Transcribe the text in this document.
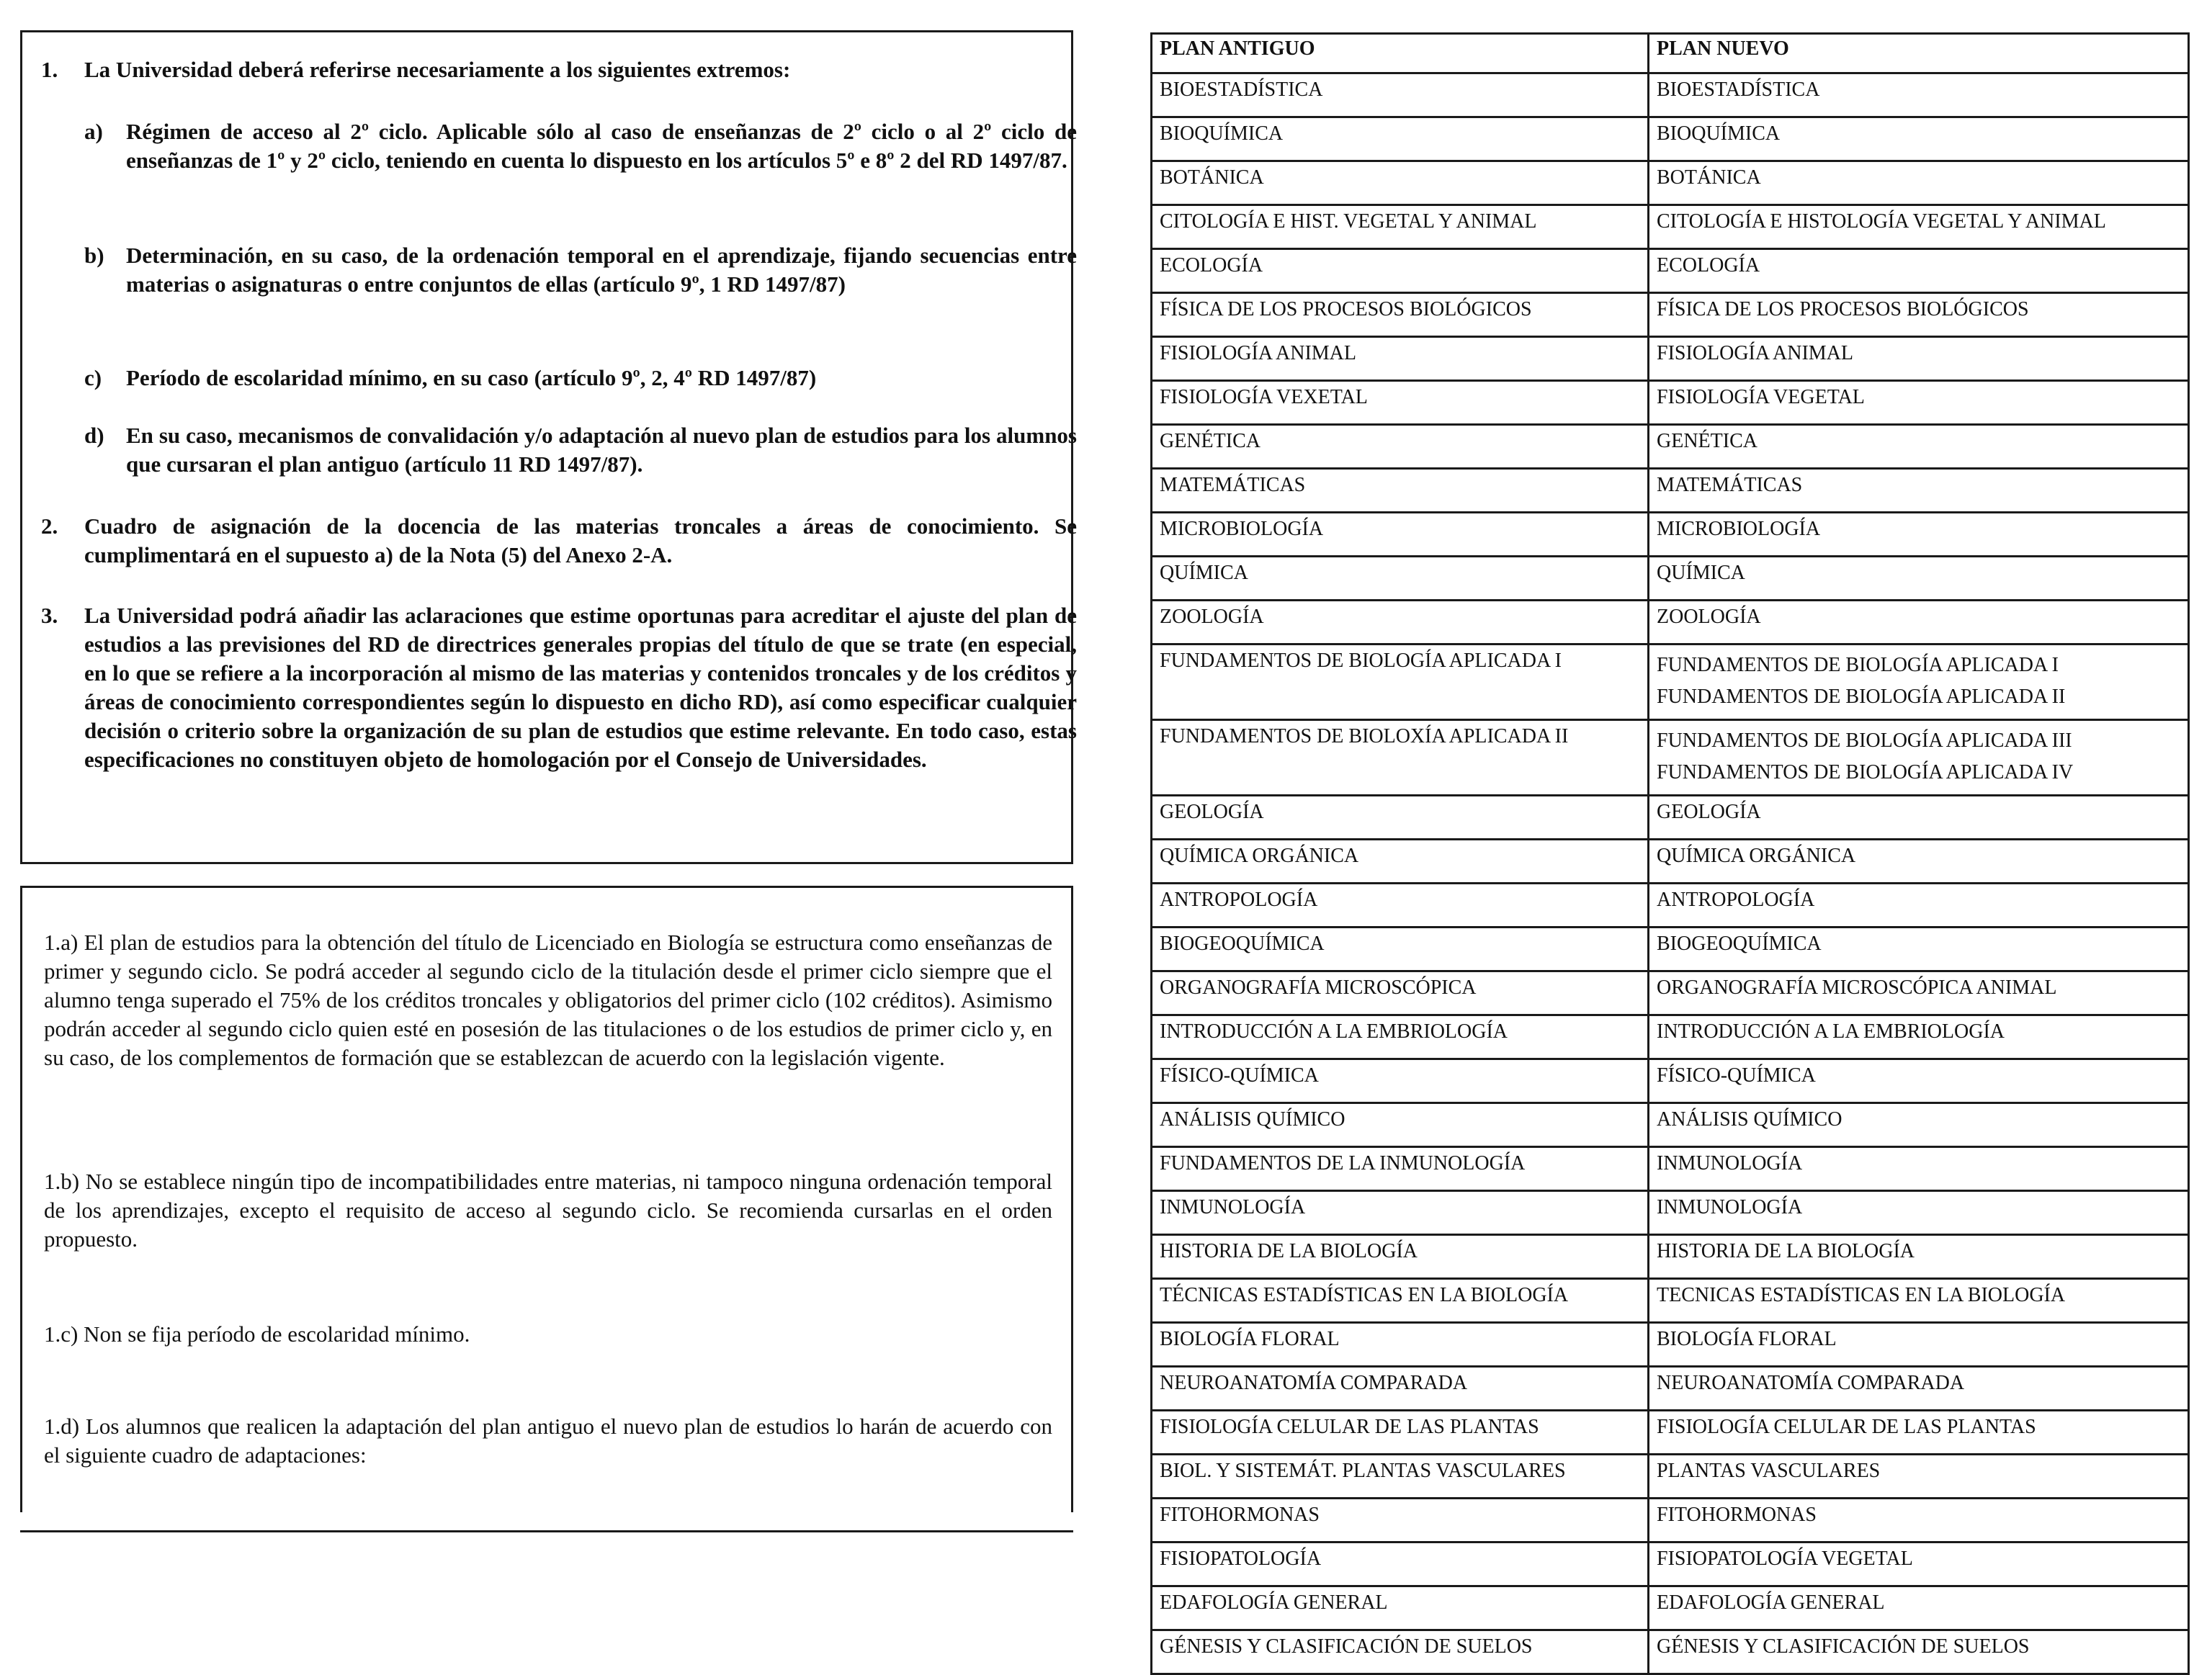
1. La Universidad deberá referirse necesariamente a los siguientes extremos:
a) Régimen de acceso al 2º ciclo. Aplicable sólo al caso de enseñanzas de 2º ciclo o al 2º ciclo de enseñanzas de 1º y 2º ciclo, teniendo en cuenta lo dispuesto en los artículos 5º e 8º 2 del RD 1497/87.
b) Determinación, en su caso, de la ordenación temporal en el aprendizaje, fijando secuencias entre materias o asignaturas o entre conjuntos de ellas (artículo 9º, 1 RD 1497/87)
c) Período de escolaridad mínimo, en su caso (artículo 9º, 2, 4º RD 1497/87)
d) En su caso, mecanismos de convalidación y/o adaptación al nuevo plan de estudios para los alumnos que cursaran el plan antiguo (artículo 11 RD 1497/87).
2. Cuadro de asignación de la docencia de las materias troncales a áreas de conocimiento. Se cumplimentará en el supuesto a) de la Nota (5) del Anexo 2-A.
3. La Universidad podrá añadir las aclaraciones que estime oportunas para acreditar el ajuste del plan de estudios a las previsiones del RD de directrices generales propias del título de que se trate (en especial, en lo que se refiere a la incorporación al mismo de las materias y contenidos troncales y de los créditos y áreas de conocimiento correspondientes según lo dispuesto en dicho RD), así como especificar cualquier decisión o criterio sobre la organización de su plan de estudios que estime relevante. En todo caso, estas especificaciones no constituyen objeto de homologación por el Consejo de Universidades.
1.a) El plan de estudios para la obtención del título de Licenciado en Biología se estructura como enseñanzas de primer y segundo ciclo. Se podrá acceder al segundo ciclo de la titulación desde el primer ciclo siempre que el alumno tenga superado el 75% de los créditos troncales y obligatorios del primer ciclo (102 créditos). Asimismo podrán acceder al segundo ciclo quien esté en posesión de las titulaciones o de los estudios de primer ciclo y, en su caso, de los complementos de formación que se establezcan de acuerdo con la legislación vigente.
1.b) No se establece ningún tipo de incompatibilidades entre materias, ni tampoco ninguna ordenación temporal de los aprendizajes, excepto el requisito de acceso al segundo ciclo. Se recomienda cursarlas en el orden propuesto.
1.c) Non se fija período de escolaridad mínimo.
1.d) Los alumnos que realicen la adaptación del plan antiguo el nuevo plan de estudios lo harán de acuerdo con el siguiente cuadro de adaptaciones:
PLAN ANTIGUO	PLAN NUEVO
BIOESTADÍSTICA	BIOESTADÍSTICA
BIOQUÍMICA	BIOQUÍMICA
BOTÁNICA	BOTÁNICA
CITOLOGÍA E HIST. VEGETAL Y ANIMAL	CITOLOGÍA E HISTOLOGÍA VEGETAL Y ANIMAL
ECOLOGÍA	ECOLOGÍA
FÍSICA DE LOS PROCESOS BIOLÓGICOS	FÍSICA DE LOS PROCESOS BIOLÓGICOS
FISIOLOGÍA ANIMAL	FISIOLOGÍA ANIMAL
FISIOLOGÍA VEXETAL	FISIOLOGÍA VEGETAL
GENÉTICA	GENÉTICA
MATEMÁTICAS	MATEMÁTICAS
MICROBIOLOGÍA	MICROBIOLOGÍA
QUÍMICA	QUÍMICA
ZOOLOGÍA	ZOOLOGÍA
FUNDAMENTOS DE BIOLOGÍA APLICADA I	FUNDAMENTOS DE BIOLOGÍA APLICADA I
FUNDAMENTOS DE BIOLOGÍA APLICADA II

FUNDAMENTOS DE BIOLOXÍA APLICADA II	FUNDAMENTOS DE BIOLOGÍA APLICADA III
FUNDAMENTOS DE BIOLOGÍA APLICADA IV

GEOLOGÍA	GEOLOGÍA
QUÍMICA ORGÁNICA	QUÍMICA ORGÁNICA
ANTROPOLOGÍA	ANTROPOLOGÍA
BIOGEOQUÍMICA	BIOGEOQUÍMICA
ORGANOGRAFÍA MICROSCÓPICA	ORGANOGRAFÍA MICROSCÓPICA ANIMAL
INTRODUCCIÓN A LA EMBRIOLOGÍA	INTRODUCCIÓN A LA EMBRIOLOGÍA
FÍSICO-QUÍMICA	FÍSICO-QUÍMICA
ANÁLISIS QUÍMICO	ANÁLISIS QUÍMICO
FUNDAMENTOS DE LA INMUNOLOGÍA	INMUNOLOGÍA
INMUNOLOGÍA	INMUNOLOGÍA
HISTORIA DE LA BIOLOGÍA	HISTORIA DE LA BIOLOGÍA
TÉCNICAS ESTADÍSTICAS EN LA BIOLOGÍA	TECNICAS ESTADÍSTICAS EN LA BIOLOGÍA
BIOLOGÍA FLORAL	BIOLOGÍA FLORAL
NEUROANATOMÍA COMPARADA	NEUROANATOMÍA COMPARADA
FISIOLOGÍA CELULAR DE LAS PLANTAS	FISIOLOGÍA CELULAR DE LAS PLANTAS
BIOL. Y SISTEMÁT. PLANTAS VASCULARES	PLANTAS VASCULARES
FITOHORMONAS	FITOHORMONAS
FISIOPATOLOGÍA	FISIOPATOLOGÍA VEGETAL
EDAFOLOGÍA GENERAL	EDAFOLOGÍA GENERAL
GÉNESIS Y CLASIFICACIÓN DE SUELOS	GÉNESIS Y CLASIFICACIÓN DE SUELOS
